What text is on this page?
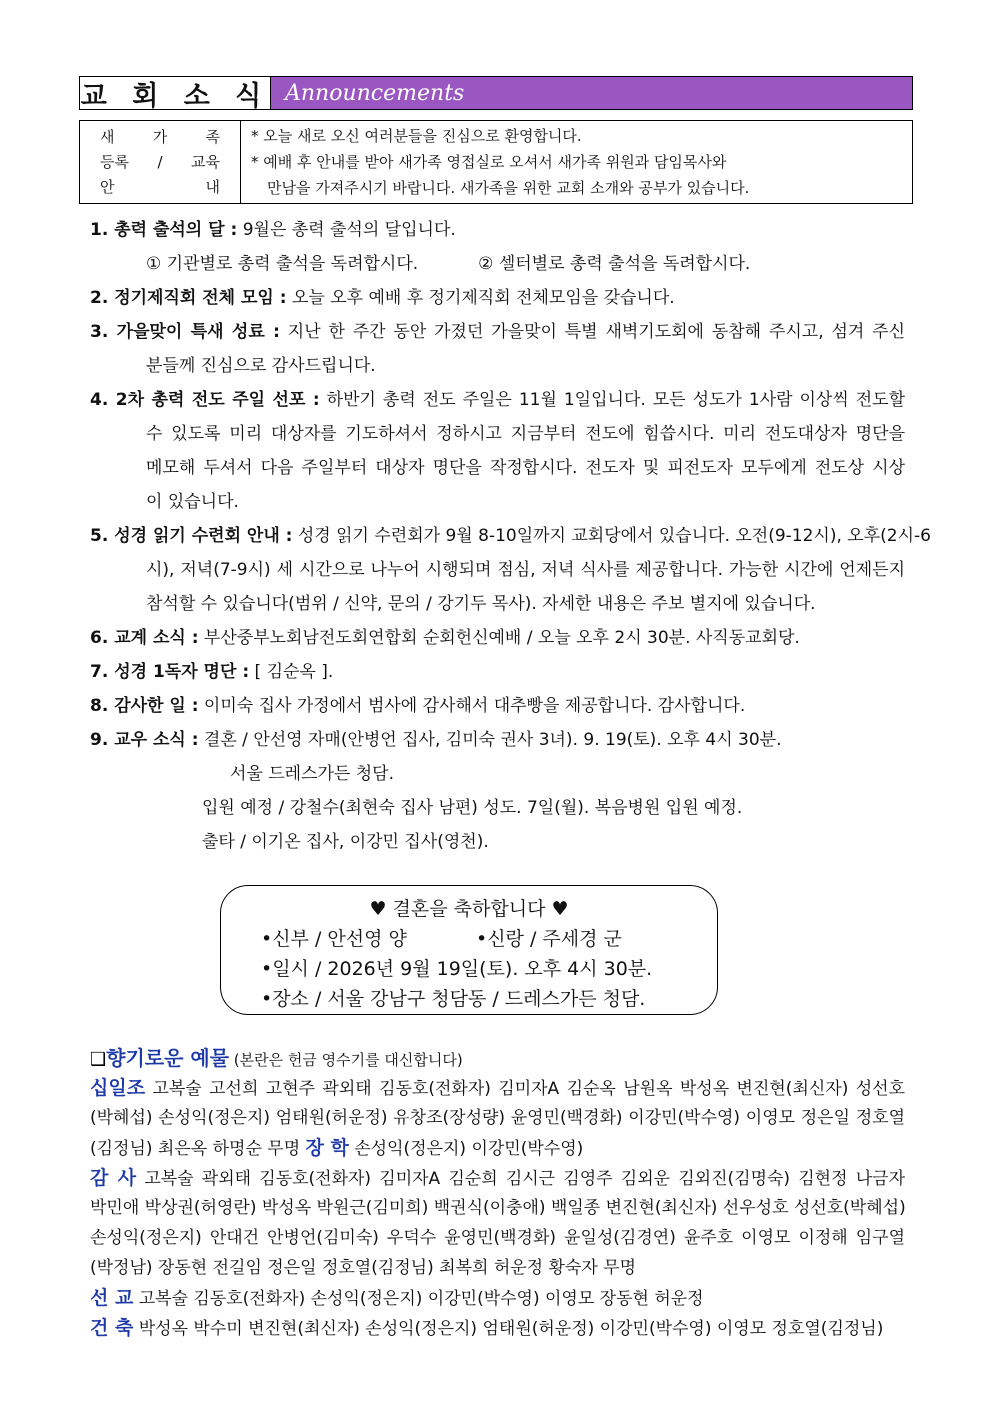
교 회 소 식 Announcements
새 가 족
등록 / 교육
안 내
* 오늘 새로 오신 여러분들을 진심으로 환영합니다.
* 예배 후 안내를 받아 새가족 영접실로 오셔서 새가족 위원과 담임목사와
만남을 가져주시기 바랍니다. 새가족을 위한 교회 소개와 공부가 있습니다.
1. 총력 출석의 달 : 9월은 총력 출석의 달입니다.
① 기관별로 총력 출석을 독려합시다.	② 셀터별로 총력 출석을 독려합시다.
2. 정기제직회 전체 모임 : 오늘 오후 예배 후 정기제직회 전체모임을 갖습니다.
3. 가을맞이 특새 성료 : 지난 한 주간 동안 가졌던 가을맞이 특별 새벽기도회에 동참해 주시고, 섬겨 주신
분들께 진심으로 감사드립니다.
4. 2차 총력 전도 주일 선포 : 하반기 총력 전도 주일은 11월 1일입니다. 모든 성도가 1사람 이상씩 전도할
수 있도록 미리 대상자를 기도하셔서 정하시고 지금부터 전도에 힘씁시다. 미리 전도대상자 명단을
메모해 두셔서 다음 주일부터 대상자 명단을 작정합시다. 전도자 및 피전도자 모두에게 전도상 시상
이 있습니다.
5. 성경 읽기 수련회 안내 : 성경 읽기 수련회가 9월 8-10일까지 교회당에서 있습니다. 오전(9-12시), 오후(2시-6
시), 저녁(7-9시) 세 시간으로 나누어 시행되며 점심, 저녁 식사를 제공합니다. 가능한 시간에 언제든지
참석할 수 있습니다(범위 / 신약, 문의 / 강기두 목사). 자세한 내용은 주보 별지에 있습니다.
6. 교계 소식 : 부산중부노회남전도회연합회 순회헌신예배 / 오늘 오후 2시 30분. 사직동교회당.
7. 성경 1독자 명단 : [ 김순옥 ].
8. 감사한 일 : 이미숙 집사 가정에서 범사에 감사해서 대추빵을 제공합니다. 감사합니다.
9. 교우 소식 : 결혼 / 안선영 자매(안병언 집사, 김미숙 권사 3녀). 9. 19(토). 오후 4시 30분.
서울 드레스가든 청담.
입원 예정 / 강철수(최현숙 집사 남편) 성도. 7일(월). 복음병원 입원 예정.
출타 / 이기온 집사, 이강민 집사(영천).
♥ 결혼을 축하합니다 ♥
•신부 / 안선영 양	•신랑 / 주세경 군
•일시 / 2026년 9월 19일(토). 오후 4시 30분.
•장소 / 서울 강남구 청담동 / 드레스가든 청담.
❑향기로운 예물 (본란은 헌금 영수기를 대신합니다)
십일조 고복술 고선희 고현주 곽외태 김동호(전화자) 김미자A 김순옥 남원옥 박성옥 변진현(최신자) 성선호
(박혜섭) 손성익(정은지) 엄태원(허운정) 유창조(장성량) 윤영민(백경화) 이강민(박수영) 이영모 정은일 정호열
(김정님) 최은옥 하명순 무명 장 학 손성익(정은지) 이강민(박수영)
감 사 고복술 곽외태 김동호(전화자) 김미자A 김순희 김시근 김영주 김외운 김외진(김명숙) 김현정 나금자
박민애 박상권(허영란) 박성옥 박원근(김미희) 백권식(이충애) 백일종 변진현(최신자) 선우성호 성선호(박혜섭)
손성익(정은지) 안대건 안병언(김미숙) 우덕수 윤영민(백경화) 윤일성(김경연) 윤주호 이영모 이정해 임구열
(박정남) 장동현 전길임 정은일 정호열(김정님) 최복희 허운정 황숙자 무명
선 교 고복술 김동호(전화자) 손성익(정은지) 이강민(박수영) 이영모 장동현 허운정
건 축 박성옥 박수미 변진현(최신자) 손성익(정은지) 엄태원(허운정) 이강민(박수영) 이영모 정호열(김정님)
